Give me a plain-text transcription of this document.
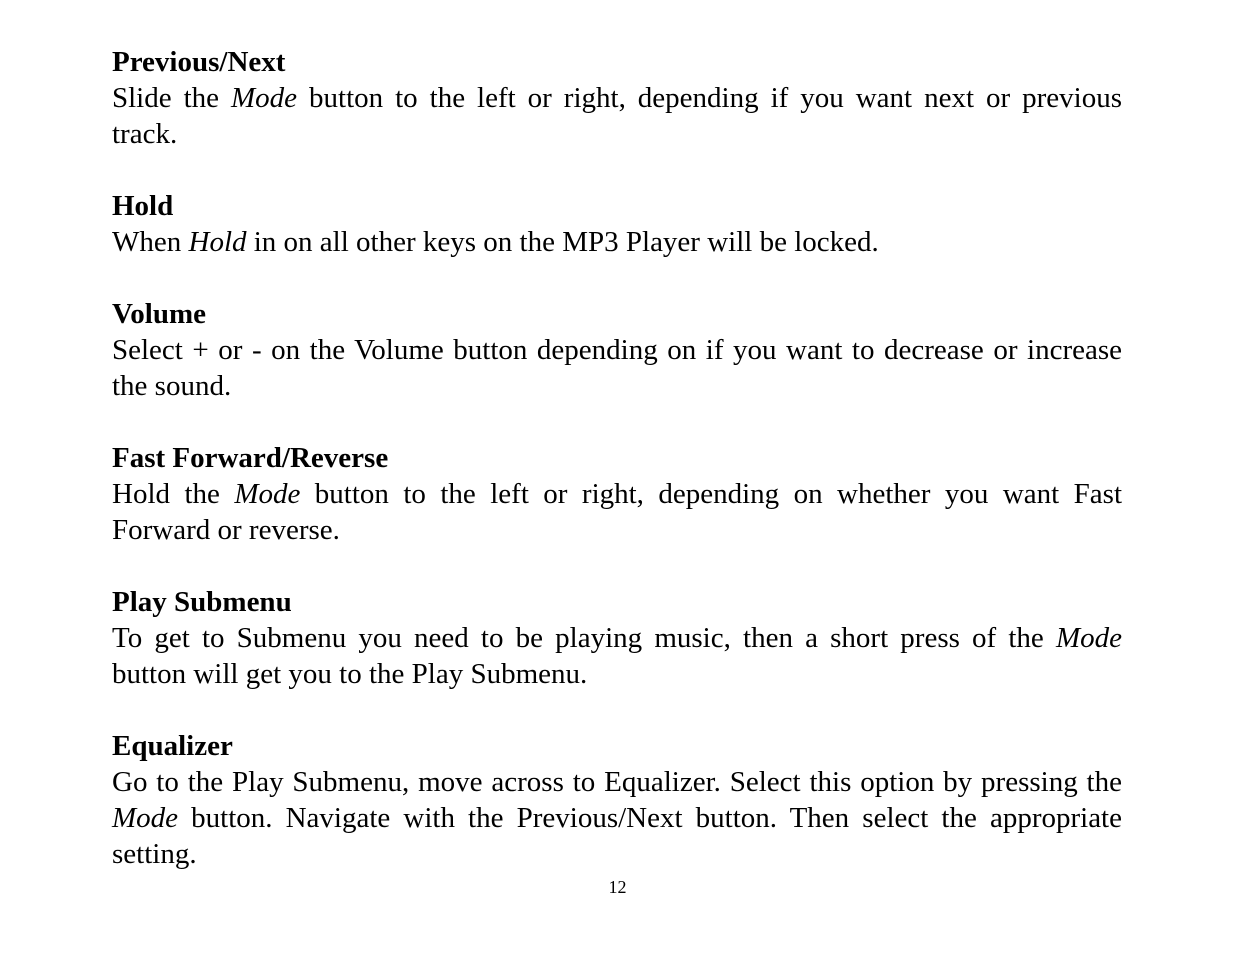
Previous/Next

Slide the Mode button to the left or right, depending if you want next or previous track.

Hold

When Hold in on all other keys on the MP3 Player will be locked.

Volume

Select + or - on the Volume button depending on if you want to decrease or increase the sound.

Fast Forward/Reverse

Hold the Mode button to the left or right, depending on whether you want Fast Forward or reverse.

Play Submenu

To get to Submenu you need to be playing music, then a short press of the Mode button will get you to the Play Submenu.

Equalizer

Go to the Play Submenu, move across to Equalizer. Select this option by pressing the Mode button. Navigate with the Previous/Next button. Then select the appropriate setting.

12
